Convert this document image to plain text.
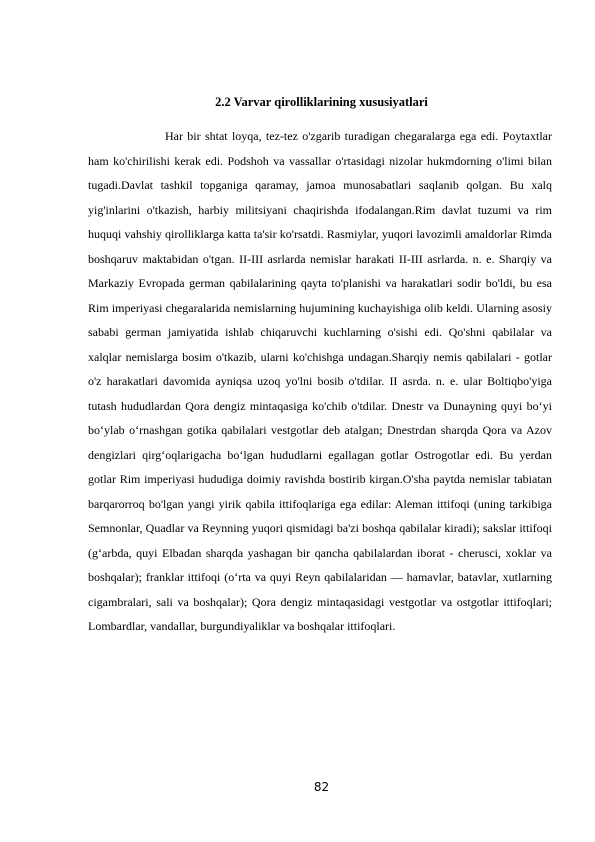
2.2 Varvar qirolliklarining xususiyatlari

Har bir shtat loyqa, tez-tez o'zgarib turadigan chegaralarga ega edi. Poytaxtlar ham ko'chirilishi kerak edi. Podshoh va vassallar o'rtasidagi nizolar hukmdorning o'limi bilan tugadi.Davlat tashkil topganiga qaramay, jamoa munosabatlari saqlanib qolgan. Bu xalq yig'inlarini o'tkazish, harbiy militsiyani chaqirishda ifodalangan.Rim davlat tuzumi va rim huquqi vahshiy qirolliklarga katta ta'sir ko'rsatdi. Rasmiylar, yuqori lavozimli amaldorlar Rimda boshqaruv maktabidan o'tgan. II-III asrlarda nemislar harakati II-III asrlarda. n. e. Sharqiy va Markaziy Evropada german qabilalarining qayta to'planishi va harakatlari sodir bo'ldi, bu esa Rim imperiyasi chegaralarida nemislarning hujumining kuchayishiga olib keldi. Ularning asosiy sababi german jamiyatida ishlab chiqaruvchi kuchlarning o'sishi edi. Qo'shni qabilalar va xalqlar nemislarga bosim o'tkazib, ularni ko'chishga undagan.Sharqiy nemis qabilalari - gotlar o'z harakatlari davomida ayniqsa uzoq yo'lni bosib o'tdilar. II asrda. n. e. ular Boltiqbo'yiga tutash hududlardan Qora dengiz mintaqasiga ko'chib o'tdilar. Dnestr va Dunayning quyi bo‘yi bo‘ylab o‘rnashgan gotika qabilalari vestgotlar deb atalgan; Dnestrdan sharqda Qora va Azov dengizlari qirg‘oqlarigacha bo‘lgan hududlarni egallagan gotlar Ostrogotlar edi. Bu yerdan gotlar Rim imperiyasi hududiga doimiy ravishda bostirib kirgan.O'sha paytda nemislar tabiatan barqarorroq bo'lgan yangi yirik qabila ittifoqlariga ega edilar: Aleman ittifoqi (uning tarkibiga Semnonlar, Quadlar va Reynning yuqori qismidagi ba'zi boshqa qabilalar kiradi); sakslar ittifoqi (g‘arbda, quyi Elbadan sharqda yashagan bir qancha qabilalardan iborat - cherusci, xoklar va boshqalar); franklar ittifoqi (o‘rta va quyi Reyn qabilalaridan — hamavlar, batavlar, xutlarning cigambralari, sali va boshqalar); Qora dengiz mintaqasidagi vestgotlar va ostgotlar ittifoqlari; Lombardlar, vandallar, burgundiyaliklar va boshqalar ittifoqlari.

82
